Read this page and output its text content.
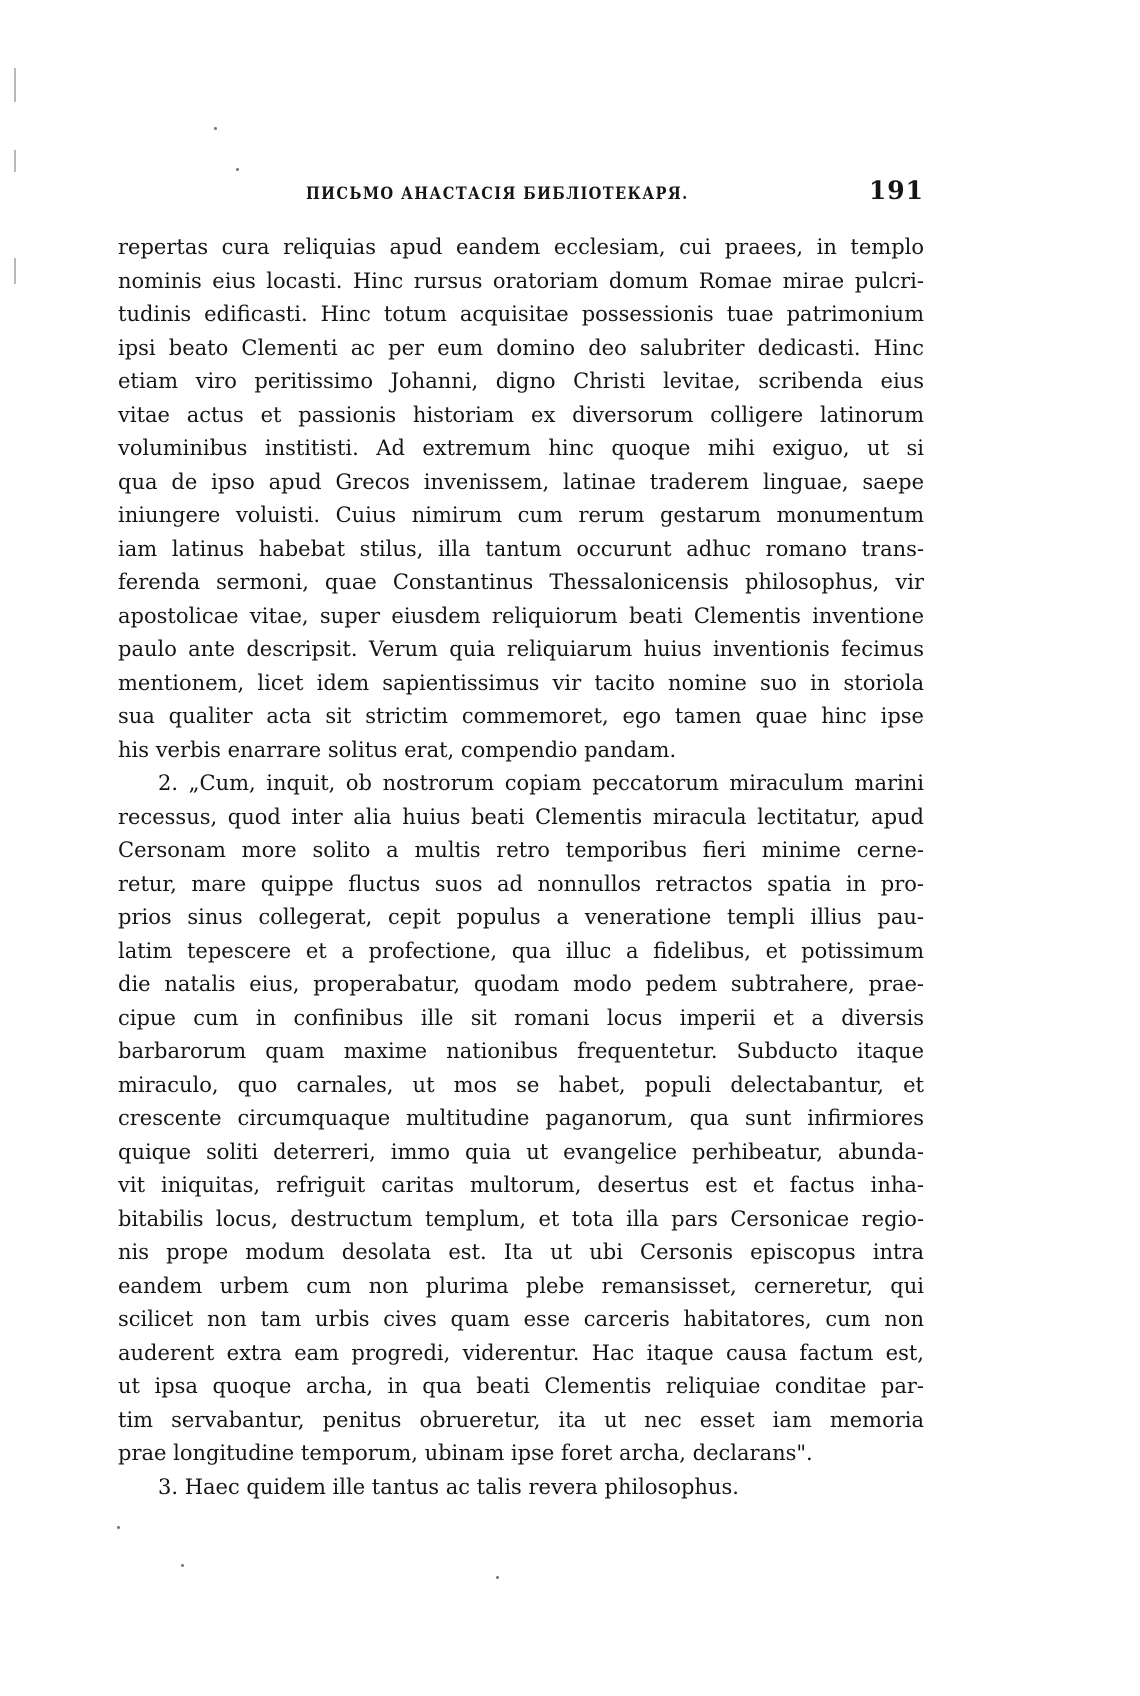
ПИСЬМО АНАСТАСІЯ БИБЛІОТЕКАРЯ.	191
repertas cura reliquias apud eandem ecclesiam, cui praees, in templo
nominis eius locasti. Hinc rursus oratoriam domum Romae mirae pulcri-
tudinis edificasti. Hinc totum acquisitae possessionis tuae patrimonium
ipsi beato Clementi ac per eum domino deo salubriter dedicasti. Hinc
etiam viro peritissimo Johanni, digno Christi levitae, scribenda eius
vitae actus et passionis historiam ex diversorum colligere latinorum
voluminibus institisti. Ad extremum hinc quoque mihi exiguo, ut si
qua de ipso apud Grecos invenissem, latinae traderem linguae, saepe
iniungere voluisti. Cuius nimirum cum rerum gestarum monumentum
iam latinus habebat stilus, illa tantum occurunt adhuc romano trans-
ferenda sermoni, quae Constantinus Thessalonicensis philosophus, vir
apostolicae vitae, super eiusdem reliquiorum beati Clementis inventione
paulo ante descripsit. Verum quia reliquiarum huius inventionis fecimus
mentionem, licet idem sapientissimus vir tacito nomine suo in storiola
sua qualiter acta sit strictim commemoret, ego tamen quae hinc ipse
his verbis enarrare solitus erat, compendio pandam.
2. „Cum, inquit, ob nostrorum copiam peccatorum miraculum marini
recessus, quod inter alia huius beati Clementis miracula lectitatur, apud
Cersonam more solito a multis retro temporibus fieri minime cerne-
retur, mare quippe fluctus suos ad nonnullos retractos spatia in pro-
prios sinus collegerat, cepit populus a veneratione templi illius pau-
latim tepescere et a profectione, qua illuc a fidelibus, et potissimum
die natalis eius, properabatur, quodam modo pedem subtrahere, prae-
cipue cum in confinibus ille sit romani locus imperii et a diversis
barbarorum quam maxime nationibus frequentetur. Subducto itaque
miraculo, quo carnales, ut mos se habet, populi delectabantur, et
crescente circumquaque multitudine paganorum, qua sunt infirmiores
quique soliti deterreri, immo quia ut evangelice perhibeatur, abunda-
vit iniquitas, refriguit caritas multorum, desertus est et factus inha-
bitabilis locus, destructum templum, et tota illa pars Cersonicae regio-
nis prope modum desolata est. Ita ut ubi Cersonis episcopus intra
eandem urbem cum non plurima plebe remansisset, cerneretur, qui
scilicet non tam urbis cives quam esse carceris habitatores, cum non
auderent extra eam progredi, viderentur. Hac itaque causa factum est,
ut ipsa quoque archa, in qua beati Clementis reliquiae conditae par-
tim servabantur, penitus obrueretur, ita ut nec esset iam memoria
prae longitudine temporum, ubinam ipse foret archa, declarans".
3. Haec quidem ille tantus ac talis revera philosophus.
